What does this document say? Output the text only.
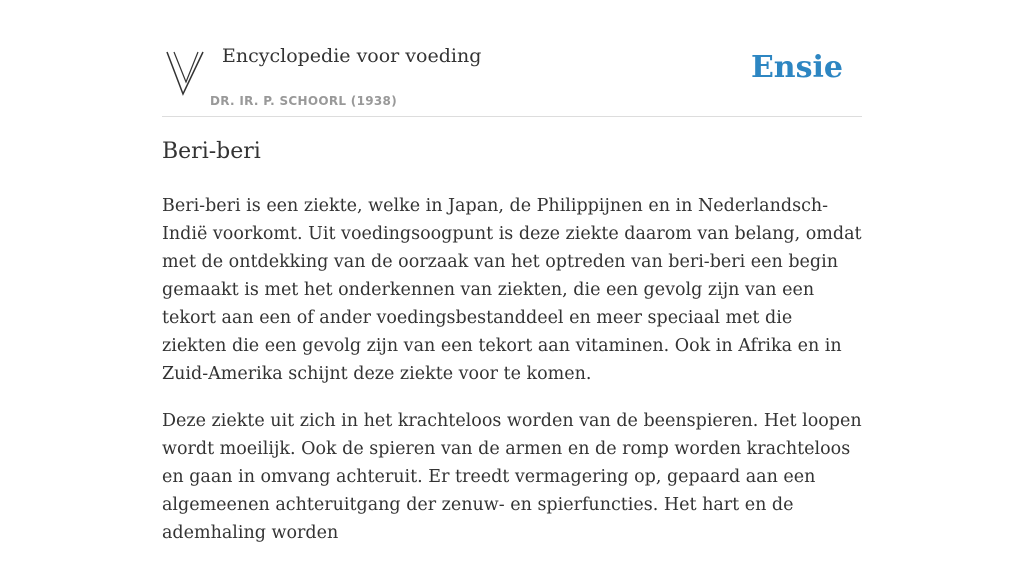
Encyclopedie voor voeding
DR. IR. P. SCHOORL (1938)
Ensie
Beri-beri

Beri-beri is een ziekte, welke in Japan, de Philippijnen en in Nederlandsch-Indië voorkomt. Uit voedingsoogpunt is deze ziekte daarom van belang, omdat met de ontdekking van de oorzaak van het optreden van beri-beri een begin gemaakt is met het onderkennen van ziekten, die een gevolg zijn van een tekort aan een of ander voedingsbestanddeel en meer speciaal met die ziekten die een gevolg zijn van een tekort aan vitaminen. Ook in Afrika en in Zuid-Amerika schijnt deze ziekte voor te komen.

Deze ziekte uit zich in het krachteloos worden van de beenspieren. Het loopen wordt moeilijk. Ook de spieren van de armen en de romp worden krachteloos en gaan in omvang achteruit. Er treedt vermagering op, gepaard aan een algemeenen achteruitgang der zenuw- en spierfuncties. Het hart en de ademhaling worden
